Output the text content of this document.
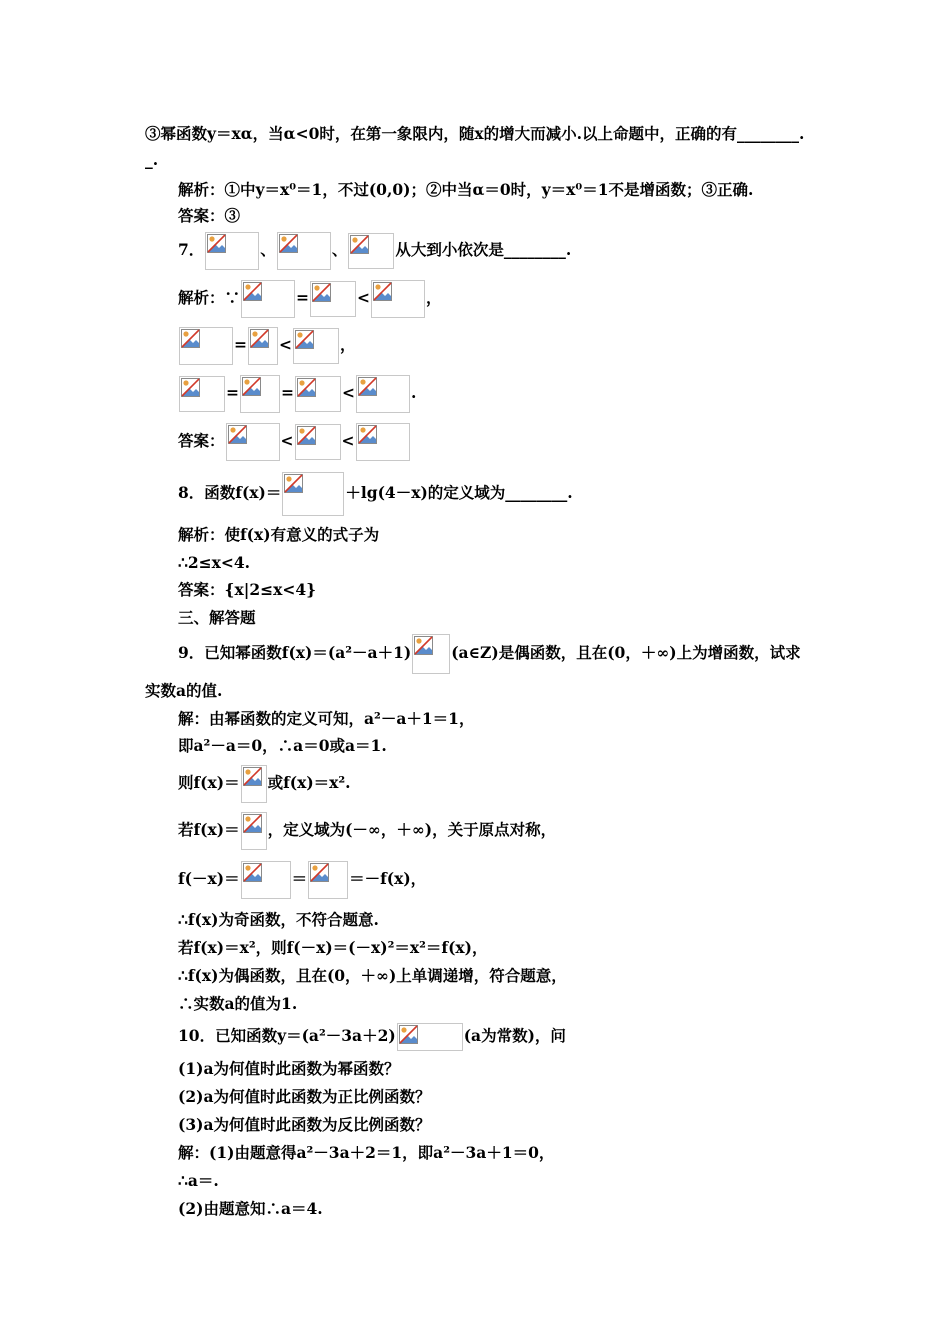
③幂函数y＝xα，当α<0时，在第一象限内，随x的增大而减小.以上命题中，正确的有________.
_.
解析：①中y＝x⁰＝1，不过(0,0)；②中当α＝0时，y＝x⁰＝1不是增函数；③正确.
答案：③
7．	、	、	从大到小依次是________.
解析：∵	=	<	，
= <	，
=	=	<	.
答案：	<	<
8．函数f(x)＝	＋lg(4－x)的定义域为________.
解析：使f(x)有意义的式子为
∴2≤x<4.
答案：{x|2≤x<4}
三、解答题
9．已知幂函数f(x)＝(a²－a＋1)	(a∈Z)是偶函数，且在(0，＋∞)上为增函数，试求
实数a的值.
解：由幂函数的定义可知，a²－a＋1＝1，
即a²－a＝0，∴a＝0或a＝1.
则f(x)＝ 或f(x)＝x².
若f(x)＝ ，定义域为(－∞，＋∞)，关于原点对称，
f(－x)＝	＝	＝－f(x)，
∴f(x)为奇函数，不符合题意.
若f(x)＝x²，则f(－x)＝(－x)²＝x²＝f(x)，
∴f(x)为偶函数，且在(0，＋∞)上单调递增，符合题意，
∴实数a的值为1.
10．已知函数y＝(a²－3a＋2)	(a为常数)，问
(1)a为何值时此函数为幂函数？
(2)a为何值时此函数为正比例函数？
(3)a为何值时此函数为反比例函数？
解：(1)由题意得a²－3a＋2＝1，即a²－3a＋1＝0，
∴a＝.
(2)由题意知∴a＝4.
